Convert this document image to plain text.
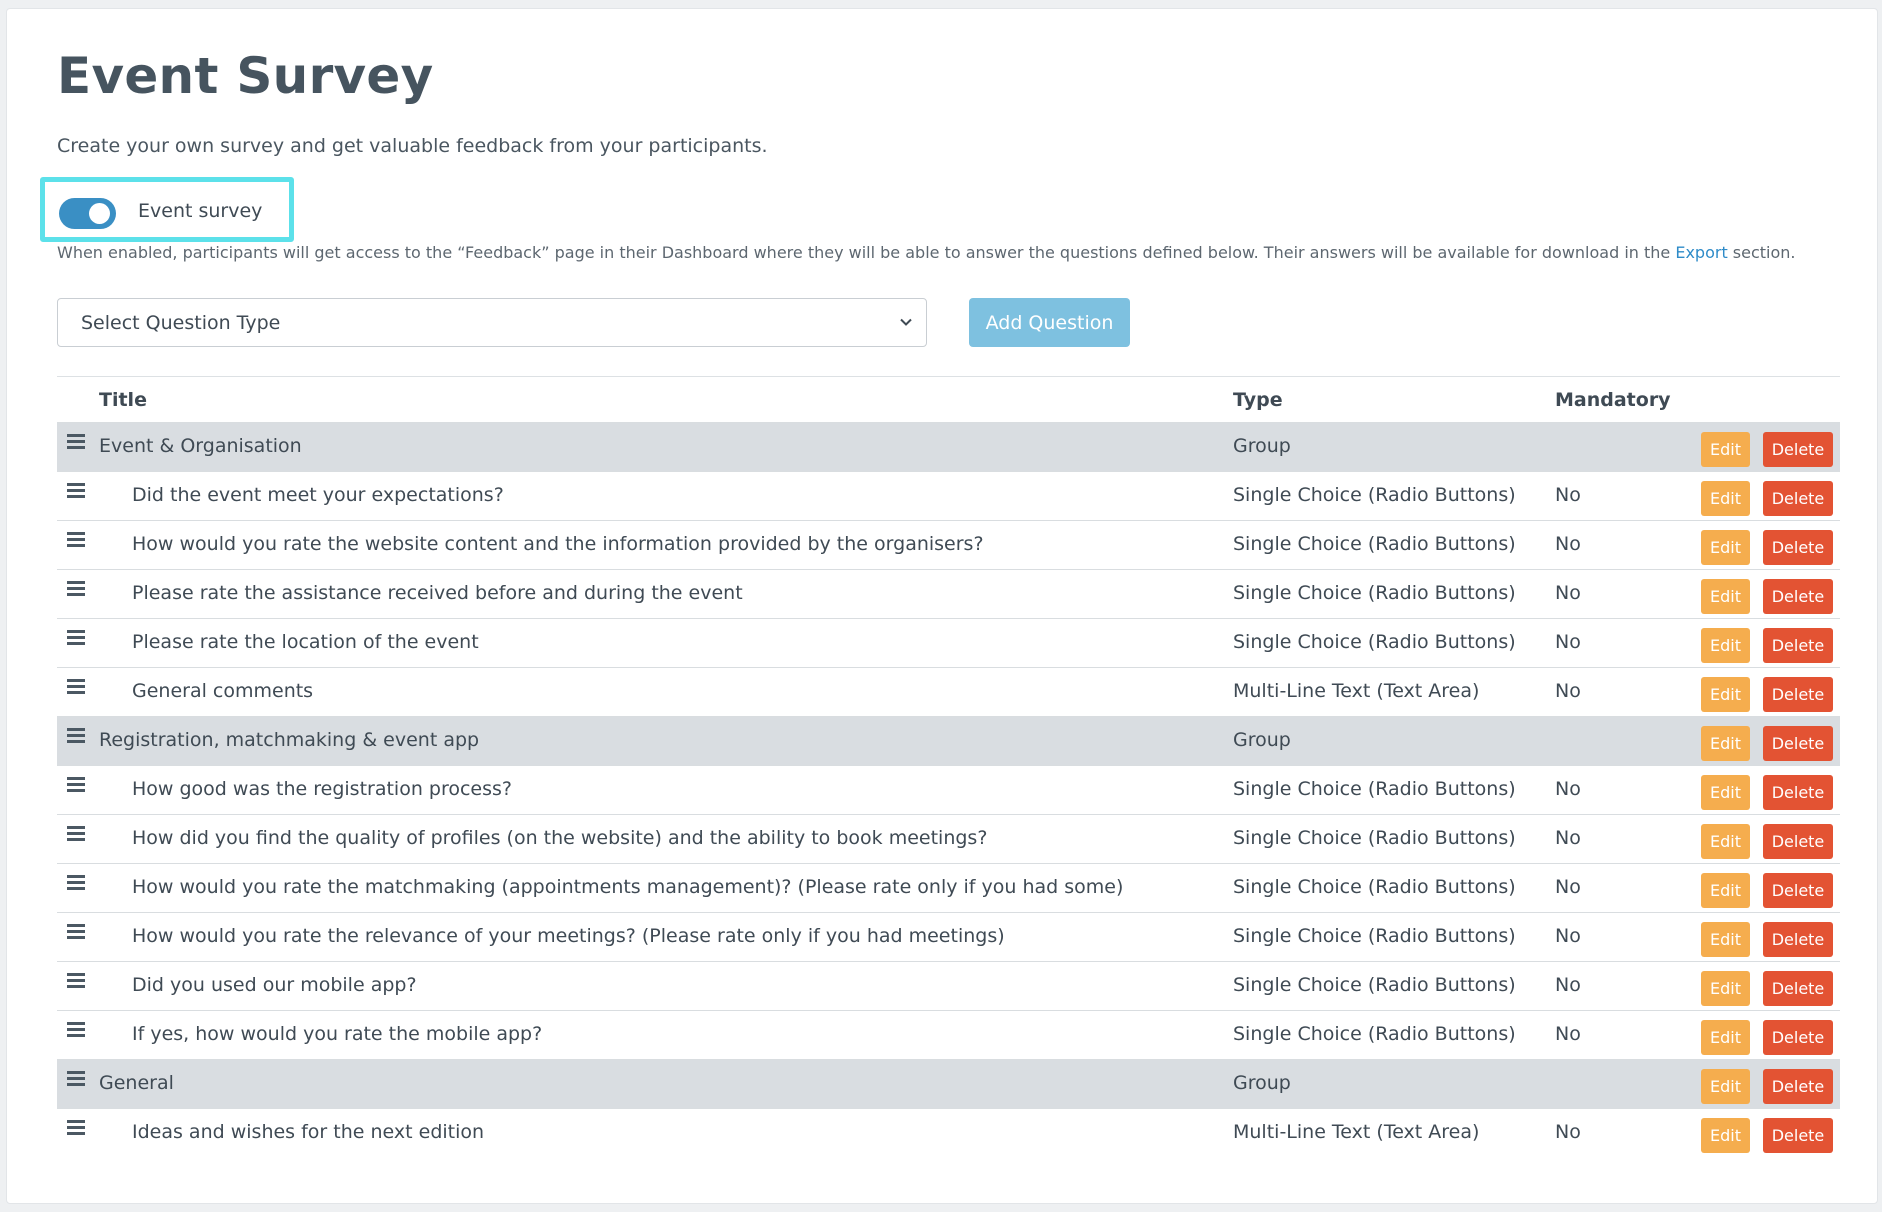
Event Survey

Create your own survey and get valuable feedback from your participants.

Event survey

When enabled, participants will get access to the “Feedback” page in their Dashboard where they will be able to answer the questions defined below. Their answers will be available for download in the Export section.

Select Question Type	Add Question
Title	Type	Mandatory
Event & Organisation	Group	Edit	Delete
Did the event meet your expectations?	Single Choice (Radio Buttons) No	Edit	Delete
How would you rate the website content and the information provided by the organisers?	Single Choice (Radio Buttons) No	Edit	Delete
Please rate the assistance received before and during the event	Single Choice (Radio Buttons) No	Edit	Delete
Please rate the location of the event	Single Choice (Radio Buttons) No	Edit	Delete
General comments	Multi-Line Text (Text Area)	No	Edit	Delete
Registration, matchmaking & event app	Group	Edit	Delete
How good was the registration process?	Single Choice (Radio Buttons) No	Edit	Delete
How did you find the quality of profiles (on the website) and the ability to book meetings?	Single Choice (Radio Buttons) No	Edit	Delete
How would you rate the matchmaking (appointments management)? (Please rate only if you had some)	Single Choice (Radio Buttons) No	Edit	Delete
How would you rate the relevance of your meetings? (Please rate only if you had meetings)	Single Choice (Radio Buttons) No	Edit	Delete
Did you used our mobile app?	Single Choice (Radio Buttons) No	Edit	Delete
If yes, how would you rate the mobile app?	Single Choice (Radio Buttons) No	Edit	Delete
General	Group	Edit	Delete
Ideas and wishes for the next edition	Multi-Line Text (Text Area)	No	Edit	Delete
